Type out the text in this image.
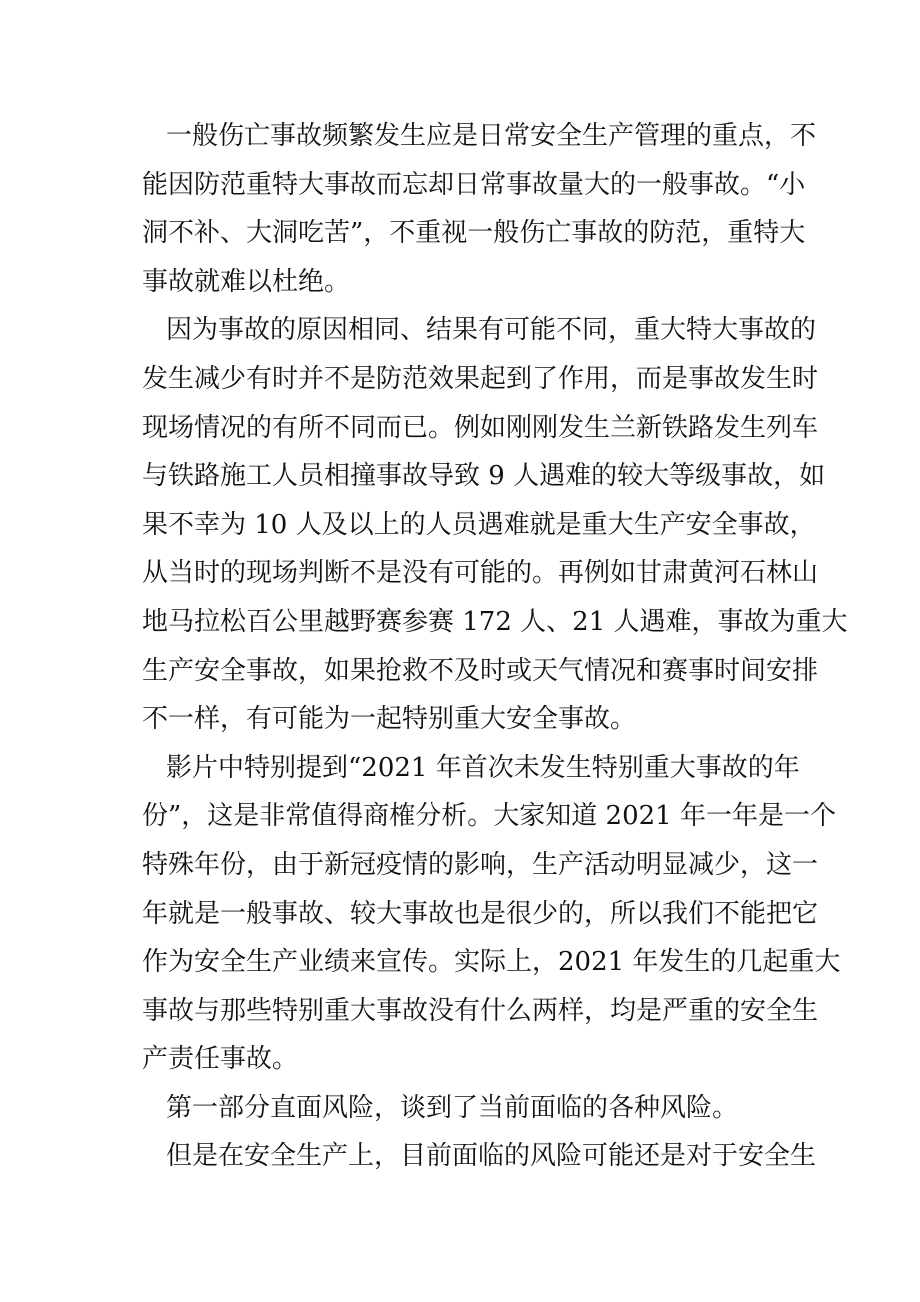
一般伤亡事故频繁发生应是日常安全生产管理的重点，不
能因防范重特大事故而忘却日常事故量大的一般事故。“小
洞不补、大洞吃苦”，不重视一般伤亡事故的防范，重特大
事故就难以杜绝。
因为事故的原因相同、结果有可能不同，重大特大事故的
发生减少有时并不是防范效果起到了作用，而是事故发生时
现场情况的有所不同而已。例如刚刚发生兰新铁路发生列车
与铁路施工人员相撞事故导致 9 人遇难的较大等级事故，如
果不幸为 10 人及以上的人员遇难就是重大生产安全事故，
从当时的现场判断不是没有可能的。再例如甘肃黄河石林山
地马拉松百公里越野赛参赛 172 人、21 人遇难，事故为重大
生产安全事故，如果抢救不及时或天气情况和赛事时间安排
不一样，有可能为一起特别重大安全事故。
影片中特别提到“2021 年首次未发生特别重大事故的年
份”，这是非常值得商榷分析。大家知道 2021 年一年是一个
特殊年份，由于新冠疫情的影响，生产活动明显减少，这一
年就是一般事故、较大事故也是很少的，所以我们不能把它
作为安全生产业绩来宣传。实际上，2021 年发生的几起重大
事故与那些特别重大事故没有什么两样，均是严重的安全生
产责任事故。
第一部分直面风险，谈到了当前面临的各种风险。
但是在安全生产上，目前面临的风险可能还是对于安全生
